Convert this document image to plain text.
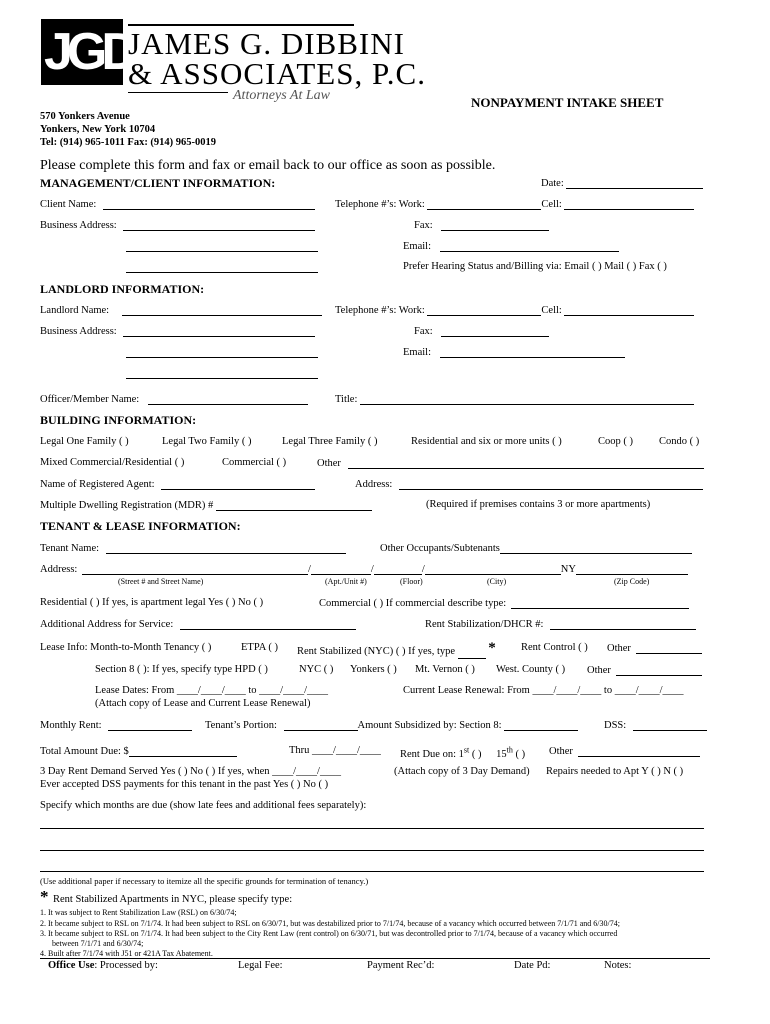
JGD
JAMES G. DIBBINI
& ASSOCIATES, P.C.
Attorneys At Law	NONPAYMENT INTAKE SHEET
570 Yonkers Avenue
Yonkers, New York 10704
Tel: (914) 965-1011 Fax: (914) 965-0019
Please complete this form and fax or email back to our office as soon as possible.
MANAGEMENT/CLIENT INFORMATION:	Date:
Client Name:	Telephone #’s: Work:	Cell:
Business Address:	Fax:
Email:
Prefer Hearing Status and/Billing via: Email ( ) Mail ( ) Fax ( )
LANDLORD INFORMATION:
Landlord Name:	Telephone #’s: Work:	Cell:
Business Address:	Fax:
Email:
Officer/Member Name:	Title:
BUILDING INFORMATION:
Legal One Family ( )	Legal Two Family ( )	Legal Three Family ( )	Residential and six or more units ( )	Coop ( ) Condo ( )
Mixed Commercial/Residential ( )	Commercial ( )	Other
Name of Registered Agent:	Address:
Multiple Dwelling Registration (MDR) #	(Required if premises contains 3 or more apartments)
TENANT & LEASE INFORMATION:
Tenant Name:	Other Occupants/Subtenants
Address:	/	/	/	NY
(Street # and Street Name)	(Apt./Unit #)	(Floor)	(City)	(Zip Code)
Residential ( ) If yes, is apartment legal Yes ( ) No ( )	Commercial ( ) If commercial describe type:
Additional Address for Service:	Rent Stabilization/DHCR #:
Lease Info: Month-to-Month Tenancy ( )	ETPA ( ) Rent Stabilized (NYC) ( ) If yes, type * Rent Control ( ) Other
Section 8 ( ): If yes, specify type HPD ( )	NYC ( ) Yonkers ( ) Mt. Vernon ( ) West. County ( ) Other
Lease Dates: From ____/____/____ to ____/____/____	Current Lease Renewal: From ____/____/____ to ____/____/____
(Attach copy of Lease and Current Lease Renewal)
Monthly Rent:	Tenant’s Portion:	Amount Subsidized by: Section 8:	DSS:
Total Amount Due: $	Thru ____/____/____ Rent Due on: 1st ( ) 15th ( ) Other
3 Day Rent Demand Served Yes ( ) No ( ) If yes, when ____/____/____	(Attach copy of 3 Day Demand) Repairs needed to Apt Y ( ) N ( )
Ever accepted DSS payments for this tenant in the past Yes ( ) No ( )
Specify which months are due (show late fees and additional fees separately):
(Use additional paper if necessary to itemize all the specific grounds for termination of tenancy.)
* Rent Stabilized Apartments in NYC, please specify type:
1. It was subject to Rent Stabilization Law (RSL) on 6/30/74;
2. It became subject to RSL on 7/1/74. It had been subject to RSL on 6/30/71, but was destabilized prior to 7/1/74, because of a vacancy which occurred between 7/1/71 and 6/30/74;
3. It became subject to RSL on 7/1/74. It had been subject to the City Rent Law (rent control) on 6/30/71, but was decontrolled prior to 7/1/74, because of a vacancy which occurred
between 7/1/71 and 6/30/74;
4. Built after 7/1/74 with J51 or 421A Tax Abatement.
Office Use: Processed by:	Legal Fee:	Payment Rec’d:	Date Pd:	Notes:
